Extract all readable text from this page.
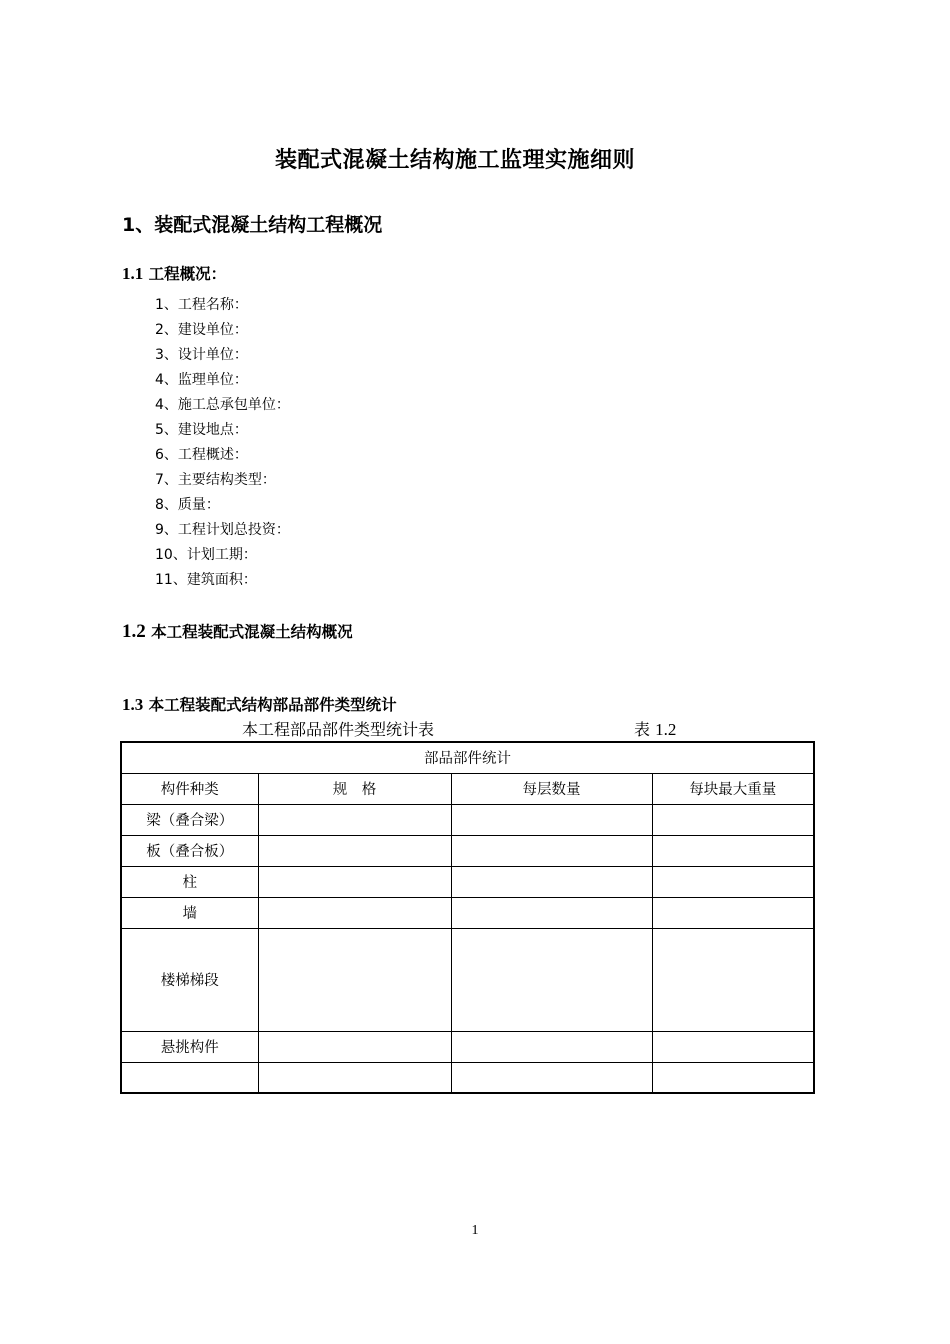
装配式混凝土结构施工监理实施细则
1、装配式混凝土结构工程概况
1.1 工程概况：
1、工程名称：
2、建设单位：
3、设计单位：
4、监理单位：
4、施工总承包单位：
5、建设地点：
6、工程概述：
7、主要结构类型：
8、质量：
9、工程计划总投资：
10、计划工期：
11、建筑面积：
1.2 本工程装配式混凝土结构概况
1.3 本工程装配式结构部品部件类型统计
本工程部品部件类型统计表	表 1.2
部品部件统计			
构件种类	规　格	每层数量	每块最大重量
梁（叠合梁）			
板（叠合板）			
柱			
墙			
楼梯梯段			
悬挑构件			

1
